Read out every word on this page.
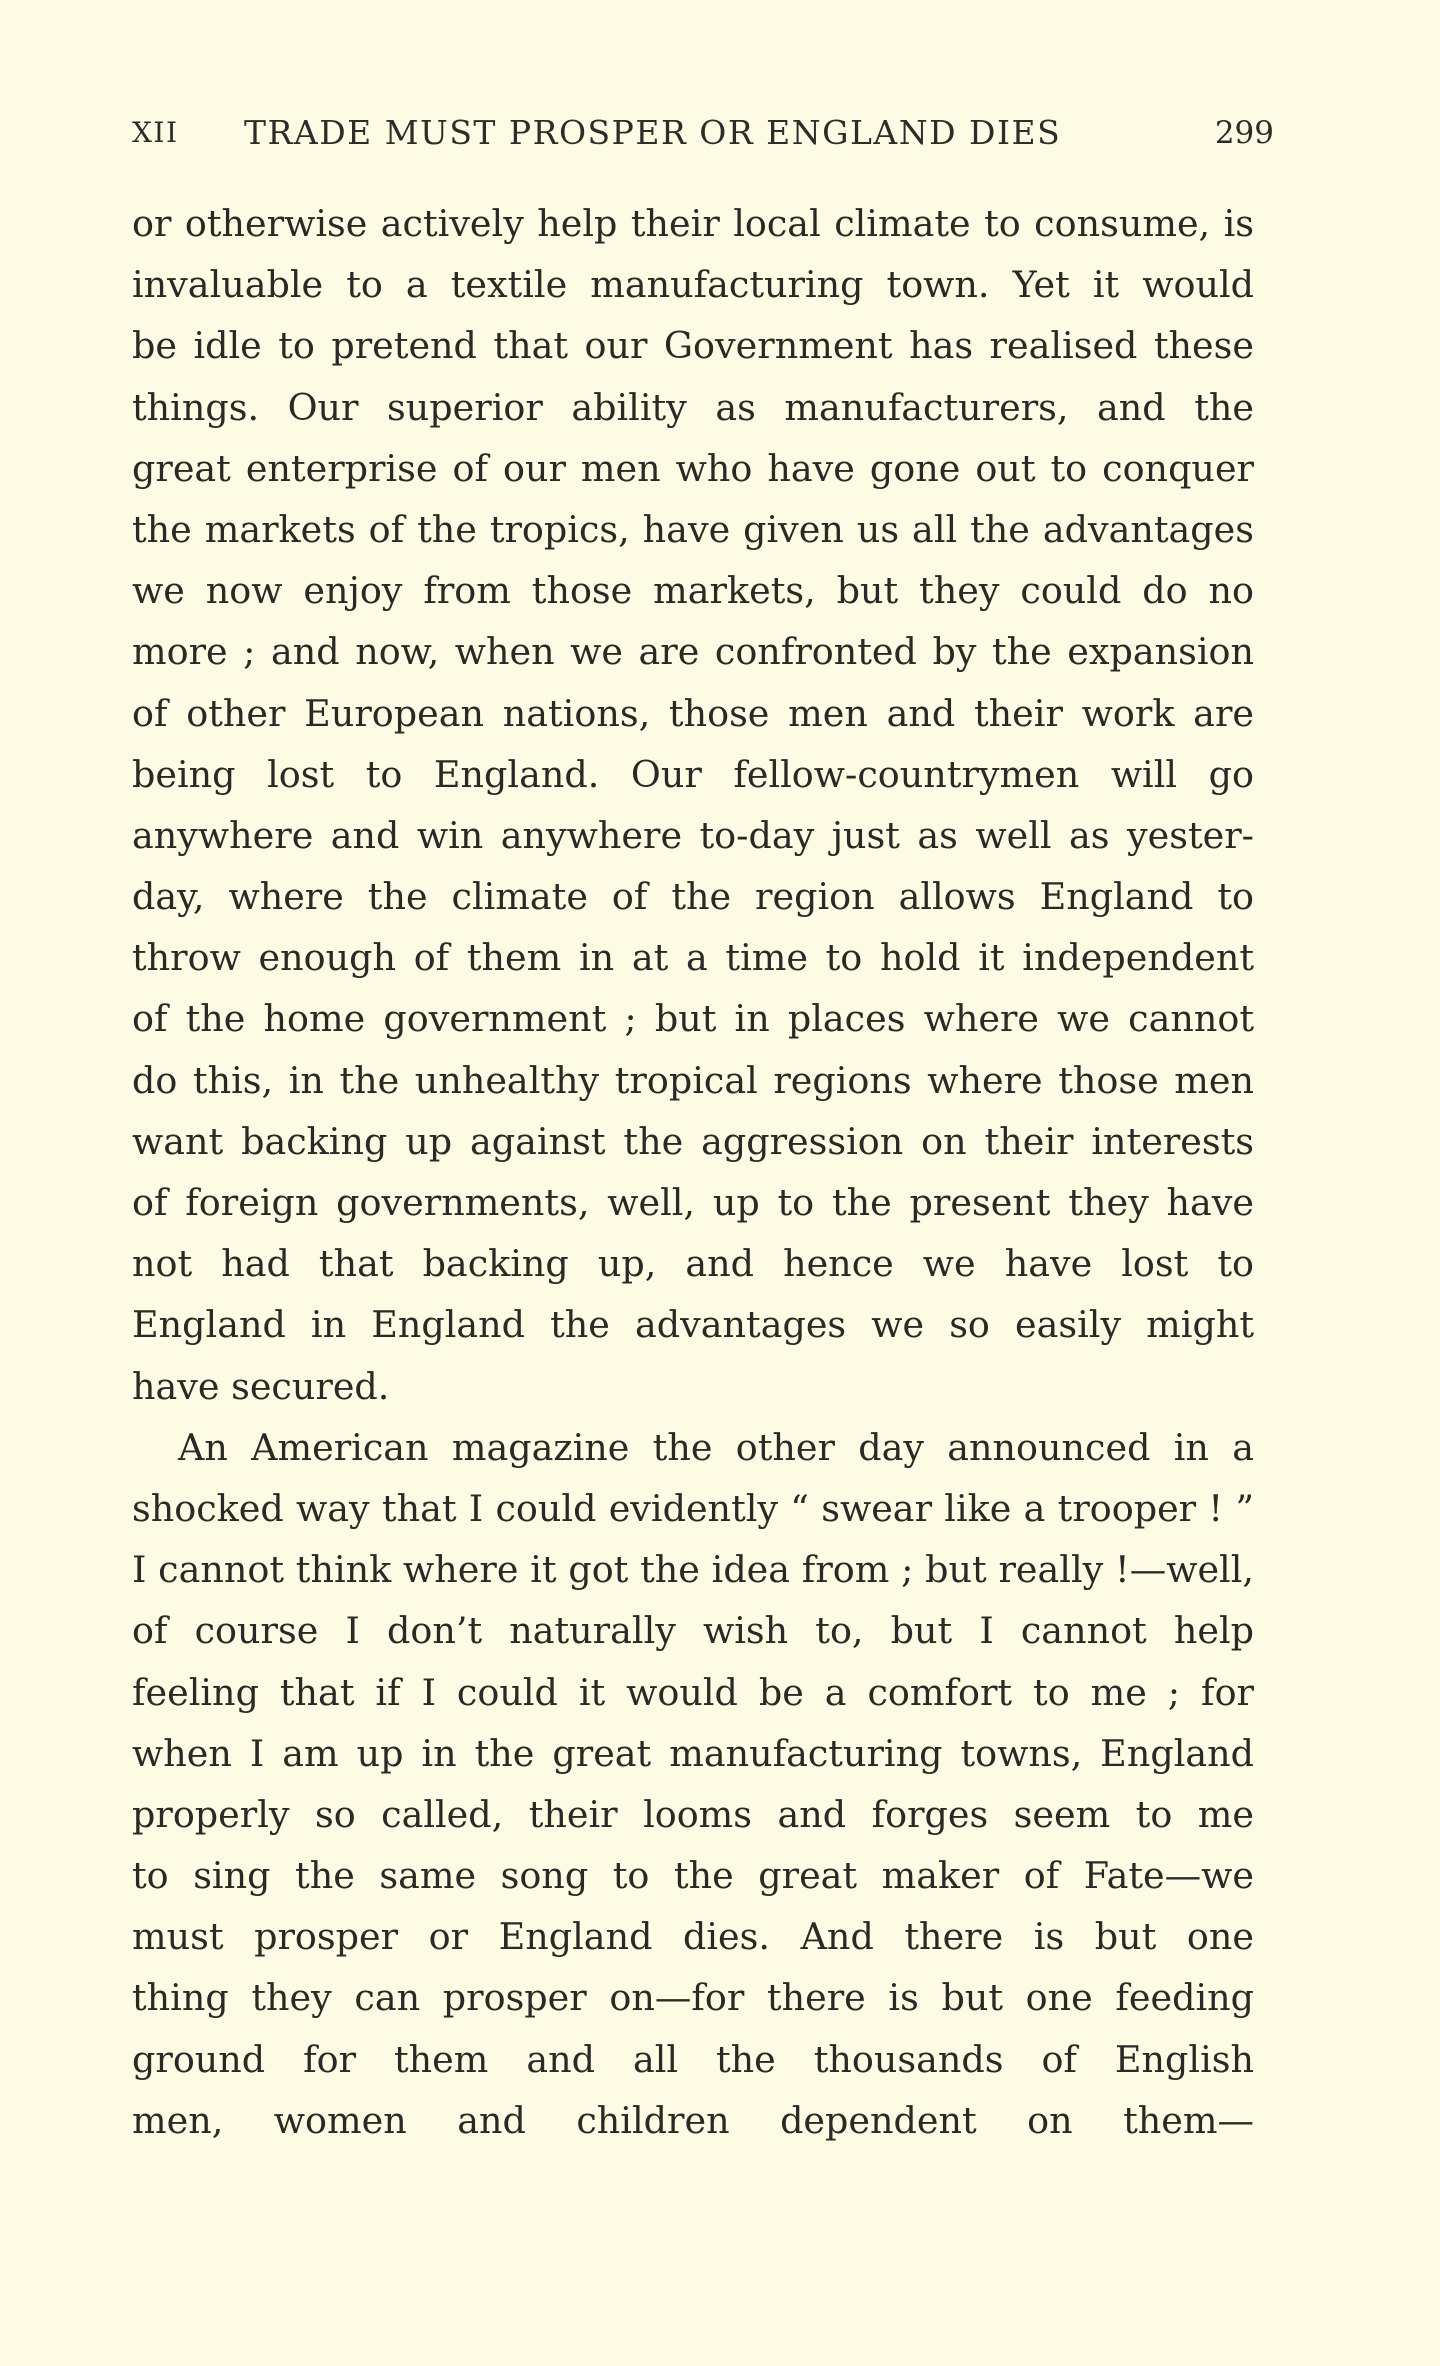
XII TRADE MUST PROSPER OR ENGLAND DIES	299
or otherwise actively help their local climate to consume, is
invaluable to a textile manufacturing town. Yet it would
be idle to pretend that our Government has realised these
things. Our superior ability as manufacturers, and the
great enterprise of our men who have gone out to conquer
the markets of the tropics, have given us all the advantages
we now enjoy from those markets, but they could do no
more ; and now, when we are confronted by the expansion
of other European nations, those men and their work are
being lost to England. Our fellow-countrymen will go
anywhere and win anywhere to-day just as well as yester-
day, where the climate of the region allows England to
throw enough of them in at a time to hold it independent
of the home government ; but in places where we cannot
do this, in the unhealthy tropical regions where those men
want backing up against the aggression on their interests
of foreign governments, well, up to the present they have
not had that backing up, and hence we have lost to
England in England the advantages we so easily might
have secured.
An American magazine the other day announced in a
shocked way that I could evidently “ swear like a trooper ! ”
I cannot think where it got the idea from ; but really !—well,
of course I don’t naturally wish to, but I cannot help
feeling that if I could it would be a comfort to me ; for
when I am up in the great manufacturing towns, England
properly so called, their looms and forges seem to me
to sing the same song to the great maker of Fate—we
must prosper or England dies. And there is but one
thing they can prosper on—for there is but one feeding
ground for them and all the thousands of English
men, women and children dependent on them—
